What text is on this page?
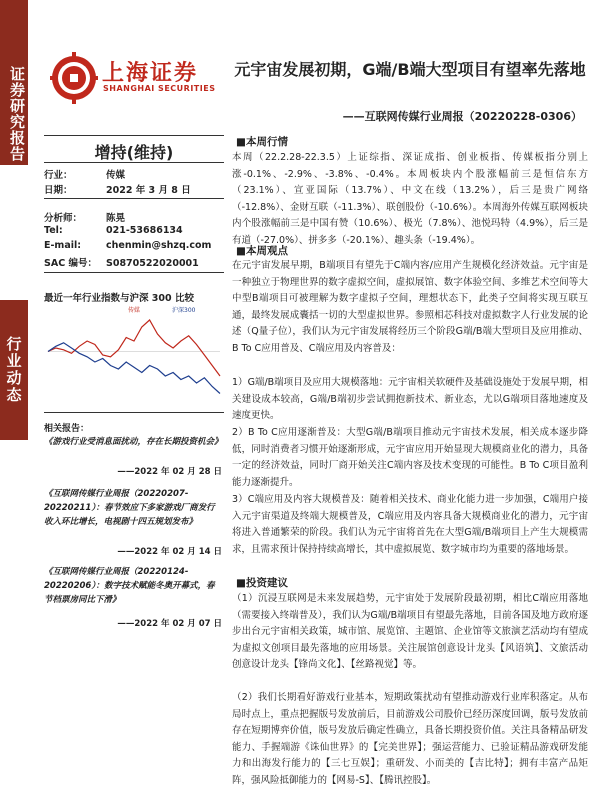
证券研究报告
行业动态
上海证券
SHANGHAI SECURITIES
元宇宙发展初期，G端/B端大型项目有望率先落地
——互联网传媒行业周报（20220228-0306）
增持(维持)
行业：	传媒
日期：	2022 年 3 月 8 日
分析师：	陈晃
Tel:	021-53686134
E-mail:	chenmin@shzq.com
SAC 编号： S0870522020001
最近一年行业指数与沪深 300 比较
传媒	沪深300
相关报告：
《游戏行业受消息面扰动，存在长期投资机会》
——2022 年 02 月 28 日
《互联网传媒行业周报（20220207-20220211）：春节效应下多家游戏厂商发行收入环比增长，电视剧十四五规划发布》
——2022 年 02 月 14 日
《互联网传媒行业周报（20220124-20220206）：数字技术赋能冬奥开幕式，春节档票房同比下滑》
——2022 年 02 月 07 日
■本周行情
本周（22.2.28-22.3.5）上证综指、深证成指、创业板指、传媒板指分别上涨-0.1%、-2.9%、-3.8%、-0.4%。本周板块内个股涨幅前三是恒信东方（23.1%）、宣亚国际（13.7%）、中文在线（13.2%），后三是贵广网络（-12.8%）、金财互联（-11.3%）、联创股份（-10.6%）。本周海外传媒互联网板块内个股涨幅前三是中国有赞（10.6%）、极光（7.8%）、池悦玛特（4.9%），后三是有道（-27.0%）、拼多多（-20.1%）、趣头条（-19.4%）。
■本周观点
在元宇宙发展早期，B端项目有望先于C端内容/应用产生规模化经济效益。元宇宙是一种独立于物理世界的数字虚拟空间，虚拟展馆、数字体验空间、多维艺术空间等大中型B端项目可被理解为数字虚拟子空间，理想状态下，此类子空间将实现互联互通，最终发展成囊括一切的大型虚拟世界。参照相芯科技对虚拟数字人行业发展的论述（Q量子位），我们认为元宇宙发展将经历三个阶段G端/B端大型项目及应用推动、B To C应用普及、C端应用及内容普及：
1）G端/B端项目及应用大规模落地：元宇宙相关软硬件及基础设施处于发展早期，相关建设成本较高，G端/B端初步尝试拥抱新技术、新业态，尤以G端项目落地速度及速度更快。
2）B To C应用逐渐普及：大型G端/B端项目推动元宇宙技术发展，相关成本逐步降低，同时消费者习惯开始逐渐形成，元宇宙应用开始显现大规模商业化的潜力，具备一定的经济效益，同时厂商开始关注C端内容及技术变现的可能性。B To C项目盈利能力逐渐提升。
3）C端应用及内容大规模普及：随着相关技术、商业化能力进一步加强，C端用户接入元宇宙渠道及终端大规模普及，C端应用及内容具备大规模商业化的潜力，元宇宙将进入普通繁荣的阶段。我们认为元宇宙将首先在大型G端/B端项目上产生大规模需求，且需求预计保持持续高增长，其中虚拟展览、数字城市均为重要的落地场景。
■投资建议
（1）沉浸互联网是未来发展趋势，元宇宙处于发展阶段最初期，相比C端应用落地（需要接入终端普及），我们认为G端/B端项目有望最先落地，目前各国及地方政府逐步出台元宇宙相关政策，城市馆、展览馆、主题馆、企业馆等文旅演艺活动均有望成为虚拟文创项目最先落地的应用场景。关注展馆创意设计龙头【风语筑】、文旅活动创意设计龙头【锋尚文化】、【丝路视觉】等。
（2）我们长期看好游戏行业基本，短期政策扰动有望推动游戏行业库积落定。从布局时点上，重点把握版号发放前后，目前游戏公司股价已经历深度回调，版号发放前存在短期博弈价值，版号发放后确定性确立，具备长期投资价值。关注具备精品研发能力、手握端游《诛仙世界》的【完美世界】；强运营能力、已验证精品游戏研发能力和出海发行能力的【三七互娱】；重研发、小而美的【吉比特】；拥有丰富产品矩阵，强风险抵御能力的【网易-S】、【腾讯控股】。
